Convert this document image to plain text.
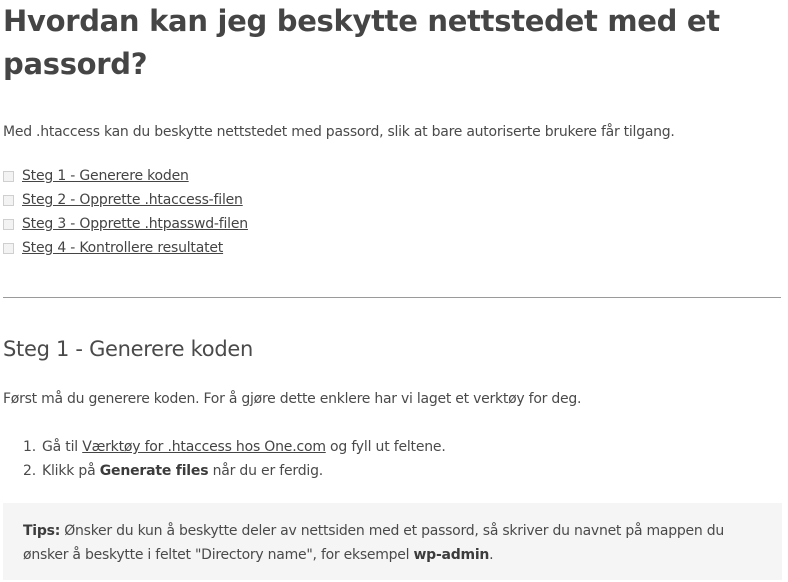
Hvordan kan jeg beskytte nettstedet med et passord?

Med .htaccess kan du beskytte nettstedet med passord, slik at bare autoriserte brukere får tilgang.

Steg 1 - Generere koden
Steg 2 - Opprette .htaccess-filen
Steg 3 - Opprette .htpasswd-filen
Steg 4 - Kontrollere resultatet
Steg 1 - Generere koden

Først må du generere koden. For å gjøre dette enklere har vi laget et verktøy for deg.

1. Gå til Værktøy for .htaccess hos One.com og fyll ut feltene.
2. Klikk på Generate files når du er ferdig.

Tips: Ønsker du kun å beskytte deler av nettsiden med et passord, så skriver du navnet på mappen du ønsker å beskytte i feltet "Directory name", for eksempel wp-admin.
